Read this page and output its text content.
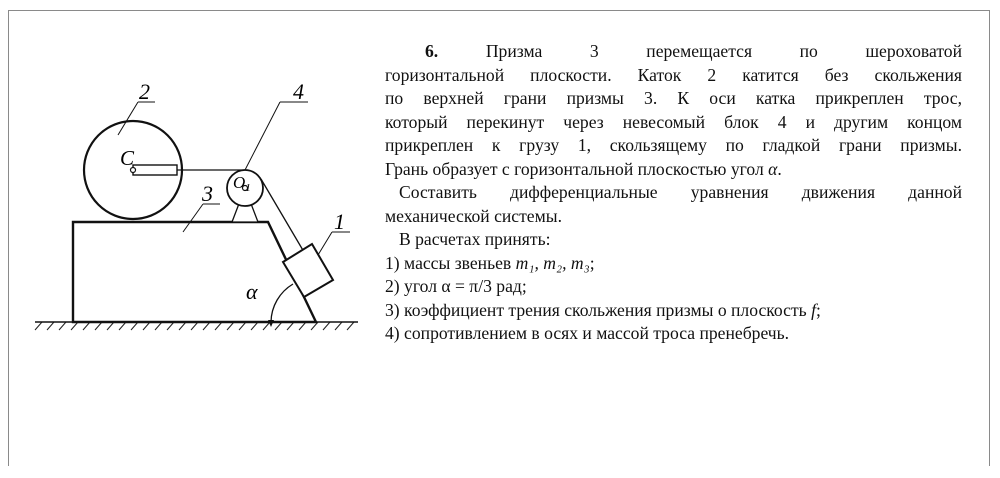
2	4
3
1
C
O1
α

6.	Призма 3 перемещается по шероховатой

горизонтальной плоскости. Каток 2 катится без скольжения

по верхней грани призмы 3. К оси катка прикреплен трос,

который перекинут через невесомый блок 4 и другим концом

прикреплен к грузу 1, скользящему по гладкой грани призмы.

Грань образует с горизонтальной плоскостью угол α.

Составить дифференциальные уравнения движения данной

механической системы.

В расчетах принять:

1) массы звеньев m₁, m₂, m₃;

2) угол α = π/3 рад;

3) коэффициент трения скольжения призмы о плоскость f;

4) сопротивлением в осях и массой троса пренебречь.
